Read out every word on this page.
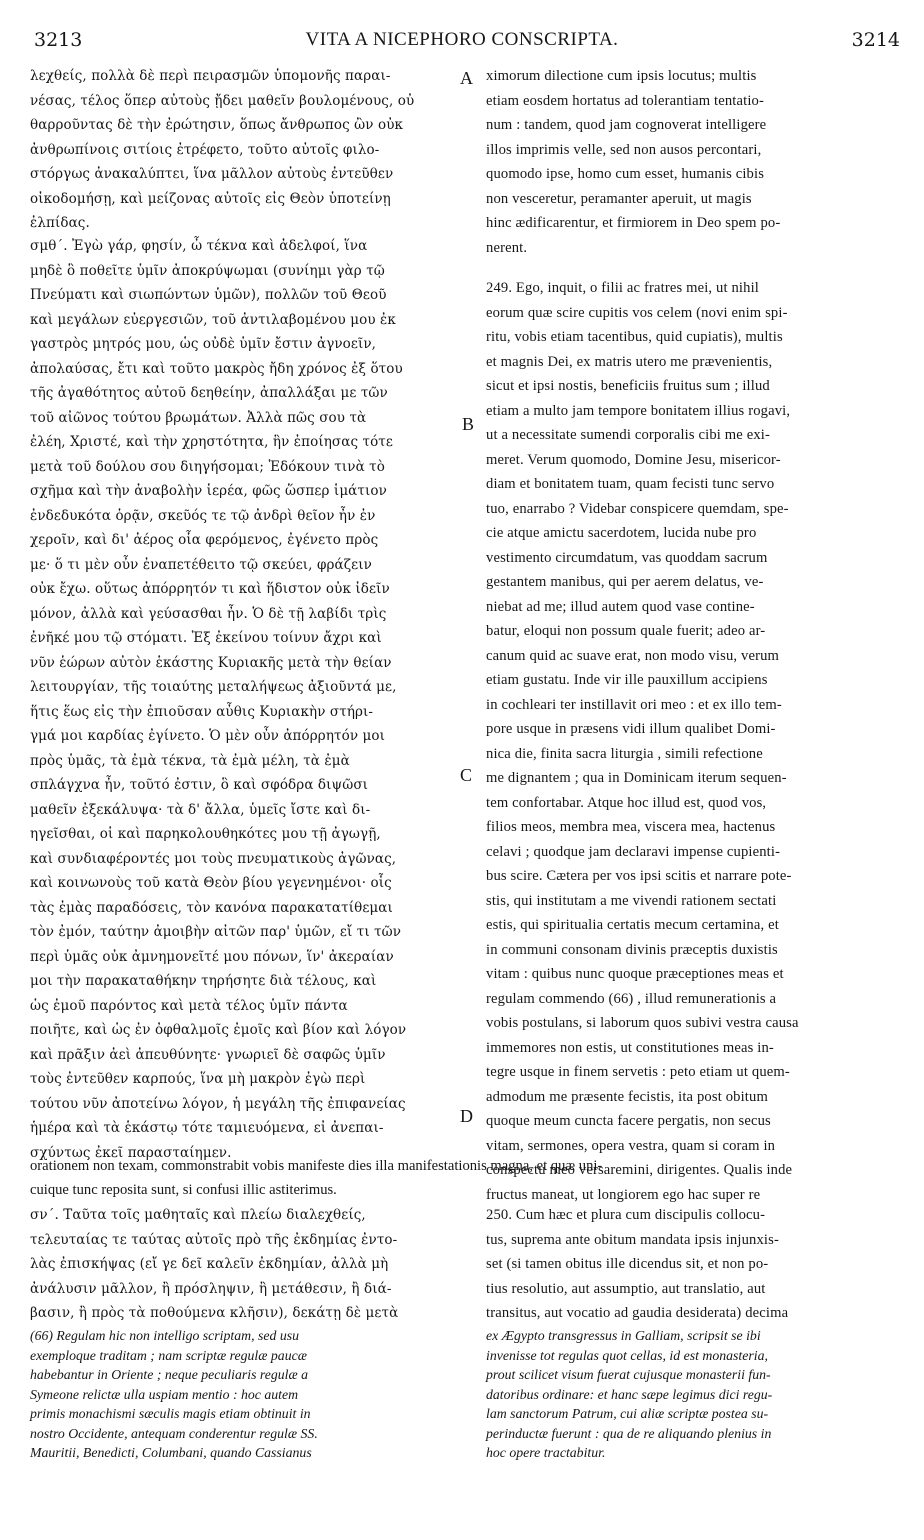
3213	VITA A NICEPHORO CONSCRIPTA.	3214
λεχθείς, πολλὰ δὲ περὶ πειρασμῶν ὑπομονῆς παραι-
νέσας, τέλος ὅπερ αὐτοὺς ᾔδει μαθεῖν βουλομένους, οὐ
θαρροῦντας δὲ τὴν ἐρώτησιν, ὅπως ἄνθρωπος ὢν οὐκ
ἀνθρωπίνοις σιτίοις ἐτρέφετο, τοῦτο αὐτοῖς φιλο-
στόργως ἀνακαλύπτει, ἵνα μᾶλλον αὐτοὺς ἐντεῦθεν
οἰκοδομήσῃ, καὶ μείζονας αὐτοῖς εἰς Θεὸν ὑποτείνῃ
ἐλπίδας.
σμθ΄. Ἐγὼ γάρ, φησίν, ὦ τέκνα καὶ ἀδελφοί, ἵνα
μηδὲ ὃ ποθεῖτε ὑμῖν ἀποκρύψωμαι (συνίημι γὰρ τῷ
Πνεύματι καὶ σιωπώντων ὑμῶν), πολλῶν τοῦ Θεοῦ
καὶ μεγάλων εὐεργεσιῶν, τοῦ ἀντιλαβομένου μου ἐκ
γαστρὸς μητρός μου, ὡς οὐδὲ ὑμῖν ἔστιν ἀγνοεῖν,
ἀπολαύσας, ἔτι καὶ τοῦτο μακρὸς ἤδη χρόνος ἐξ ὅτου
τῆς ἀγαθότητος αὐτοῦ δεηθείην, ἀπαλλάξαι με τῶν
τοῦ αἰῶνος τούτου βρωμάτων. Ἀλλὰ πῶς σου τὰ
ἐλέη, Χριστέ, καὶ τὴν χρηστότητα, ἣν ἐποίησας τότε
μετὰ τοῦ δούλου σου διηγήσομαι; Ἐδόκουν τινὰ τὸ
σχῆμα καὶ τὴν ἀναβολὴν ἱερέα, φῶς ὥσπερ ἱμάτιον
ἐνδεδυκότα ὁρᾷν, σκεῦός τε τῷ ἀνδρὶ θεῖον ἦν ἐν
χεροῖν, καὶ δι' ἀέρος οἷα φερόμενος, ἐγένετο πρὸς
με· ὅ τι μὲν οὖν ἐναπετέθειτο τῷ σκεύει, φράζειν
οὐκ ἔχω. οὕτως ἀπόρρητόν τι καὶ ἥδιστον οὐκ ἰδεῖν
μόνον, ἀλλὰ καὶ γεύσασθαι ἦν. Ὁ δὲ τῇ λαβίδι τρὶς
ἐνῆκέ μου τῷ στόματι. Ἐξ ἐκείνου τοίνυν ἄχρι καὶ
νῦν ἑώρων αὐτὸν ἑκάστης Κυριακῆς μετὰ τὴν θείαν
λειτουργίαν, τῆς τοιαύτης μεταλήψεως ἀξιοῦντά με,
ἥτις ἕως εἰς τὴν ἐπιοῦσαν αὖθις Κυριακὴν στήρι-
γμά μοι καρδίας ἐγίνετο. Ὁ μὲν οὖν ἀπόρρητόν μοι
πρὸς ὑμᾶς, τὰ ἐμὰ τέκνα, τὰ ἐμὰ μέλη, τὰ ἐμὰ
σπλάγχνα ἦν, τοῦτό ἐστιν, ὃ καὶ σφόδρα διψῶσι
μαθεῖν ἐξεκάλυψα· τὰ δ' ἄλλα, ὑμεῖς ἴστε καὶ δι-
ηγεῖσθαι, οἱ καὶ παρηκολουθηκότες μου τῇ ἀγωγῇ,
καὶ συνδιαφέροντές μοι τοὺς πνευματικοὺς ἀγῶνας,
καὶ κοινωνοὺς τοῦ κατὰ Θεὸν βίου γεγενημένοι· οἷς
τὰς ἐμὰς παραδόσεις, τὸν κανόνα παρακατατίθεμαι
τὸν ἐμόν, ταύτην ἀμοιβὴν αἰτῶν παρ' ὑμῶν, εἴ τι τῶν
περὶ ὑμᾶς οὐκ ἀμνημονεῖτέ μου πόνων, ἵν' ἀκεραίαν
μοι τὴν παρακαταθήκην τηρήσητε διὰ τέλους, καὶ
ὡς ἐμοῦ παρόντος καὶ μετὰ τέλος ὑμῖν πάντα
ποιῆτε, καὶ ὡς ἐν ὀφθαλμοῖς ἐμοῖς καὶ βίον καὶ λόγον
καὶ πρᾶξιν ἀεὶ ἀπευθύνητε· γνωριεῖ δὲ σαφῶς ὑμῖν
τοὺς ἐντεῦθεν καρπούς, ἵνα μὴ μακρὸν ἐγὼ περὶ
τούτου νῦν ἀποτείνω λόγον, ἡ μεγάλη τῆς ἐπιφανείας
ἡμέρα καὶ τὰ ἑκάστῳ τότε ταμιευόμενα, εἰ ἀνεπαι-
σχύντως ἐκεῖ παρασταίημεν.
ximorum dilectione cum ipsis locutus; multis
etiam eosdem hortatus ad tolerantiam tentatio-
num : tandem, quod jam cognoverat intelligere
illos imprimis velle, sed non ausos percontari,
quomodo ipse, homo cum esset, humanis cibis
non vesceretur, peramanter aperuit, ut magis
hinc ædificarentur, et firmiorem in Deo spem po-
nerent.
249. Ego, inquit, o filii ac fratres mei, ut nihil
eorum quæ scire cupitis vos celem (novi enim spi-
ritu, vobis etiam tacentibus, quid cupiatis), multis
et magnis Dei, ex matris utero me prævenientis,
sicut et ipsi nostis, beneficiis fruitus sum ; illud
etiam a multo jam tempore bonitatem illius rogavi,
ut a necessitate sumendi corporalis cibi me exi-
meret. Verum quomodo, Domine Jesu, misericor-
diam et bonitatem tuam, quam fecisti tunc servo
tuo, enarrabo ? Videbar conspicere quemdam, spe-
cie atque amictu sacerdotem, lucida nube pro
vestimento circumdatum, vas quoddam sacrum
gestantem manibus, qui per aerem delatus, ve-
niebat ad me; illud autem quod vase contine-
batur, eloqui non possum quale fuerit; adeo ar-
canum quid ac suave erat, non modo visu, verum
etiam gustatu. Inde vir ille pauxillum accipiens
in cochleari ter instillavit ori meo : et ex illo tem-
pore usque in præsens vidi illum qualibet Domi-
nica die, finita sacra liturgia , simili refectione
me dignantem ; qua in Dominicam iterum sequen-
tem confortabar. Atque hoc illud est, quod vos,
filios meos, membra mea, viscera mea, hactenus
celavi ; quodque jam declaravi impense cupienti-
bus scire. Cætera per vos ipsi scitis et narrare pote-
stis, qui institutam a me vivendi rationem sectati
estis, qui spiritualia certatis mecum certamina, et
in communi consonam divinis præceptis duxistis
vitam : quibus nunc quoque præceptiones meas et
regulam commendo (66) , illud remunerationis a
vobis postulans, si laborum quos subivi vestra causa
immemores non estis, ut constitutiones meas in-
tegre usque in finem servetis : peto etiam ut quem-
admodum me præsente fecistis, ita post obitum
quoque meum cuncta facere pergatis, non secus
vitam, sermones, opera vestra, quam si coram in
conspectu meo versaremini, dirigentes. Qualis inde
fructus maneat, ut longiorem ego hac super re
A
B
C
D
orationem non texam, commonstrabit vobis manifeste dies illa manifestationis magna, et quæ uni-
cuique tunc reposita sunt, si confusi illic astiterimus.
σν΄. Ταῦτα τοῖς μαθηταῖς καὶ πλείω διαλεχθείς,
τελευταίας τε ταύτας αὐτοῖς πρὸ τῆς ἐκδημίας ἐντο-
λὰς ἐπισκήψας (εἴ γε δεῖ καλεῖν ἐκδημίαν, ἀλλὰ μὴ
ἀνάλυσιν μᾶλλον, ἢ πρόσληψιν, ἢ μετάθεσιν, ἢ διά-
βασιν, ἢ πρὸς τὰ ποθούμενα κλῆσιν), δεκάτῃ δὲ μετὰ
250. Cum hæc et plura cum discipulis collocu-
tus, suprema ante obitum mandata ipsis injunxis-
set (si tamen obitus ille dicendus sit, et non po-
tius resolutio, aut assumptio, aut translatio, aut
transitus, aut vocatio ad gaudia desiderata) decima
(66) Regulam hic non intelligo scriptam, sed usu
exemploque traditam ; nam scriptæ regulæ paucæ
habebantur in Oriente ; neque peculiaris regulæ a
Symeone relictæ ulla uspiam mentio : hoc autem
primis monachismi sæculis magis etiam obtinuit in
nostro Occidente, antequam conderentur regulæ SS.
Mauritii, Benedicti, Columbani, quando Cassianus
ex Ægypto transgressus in Galliam, scripsit se ibi
invenisse tot regulas quot cellas, id est monasteria,
prout scilicet visum fuerat cujusque monasterii fun-
datoribus ordinare: et hanc sæpe legimus dici regu-
lam sanctorum Patrum, cui aliæ scriptæ postea su-
perinductæ fuerunt : qua de re aliquando plenius in
hoc opere tractabitur.
